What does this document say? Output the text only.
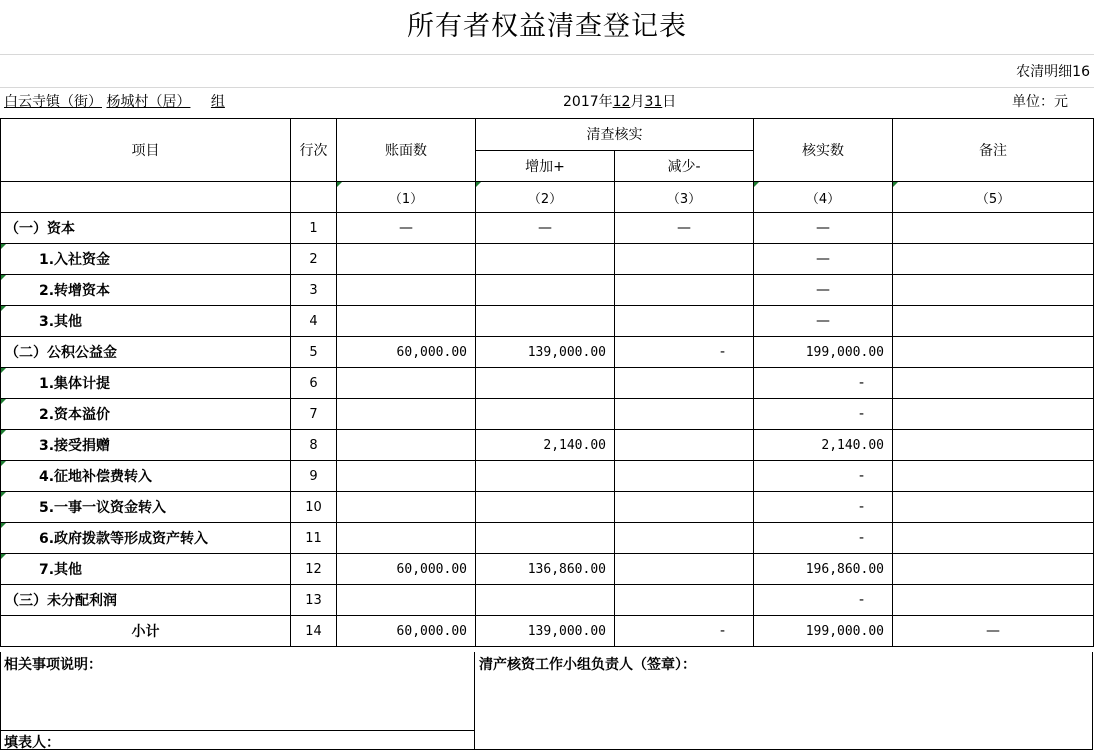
所有者权益清查登记表
农清明细16
白云寺镇（街） 杨城村（居） 组	2017年12月31日	单位：元
项目	行次	账面数	清查核实		核实数	备注
			增加+	减少-		
		（1）	（2）	（3）	（4）	（5）
（一）资本	1	—	—	—	—	
1.入社资金	2				—	
2.转增资本	3				—	
3.其他	4				—	
（二）公积公益金	5	60,000.00	139,000.00	-	199,000.00	
1.集体计提	6				-	
2.资本溢价	7				-	
3.接受捐赠	8		2,140.00		2,140.00	
4.征地补偿费转入	9				-	
5.一事一议资金转入	10				-	
6.政府拨款等形成资产转入	11				-	
7.其他	12	60,000.00	136,860.00		196,860.00	
（三）未分配利润	13				-	
小计	14	60,000.00	139,000.00	-	199,000.00	—
相关事项说明：	清产核资工作小组负责人（签章）：
填表人：
